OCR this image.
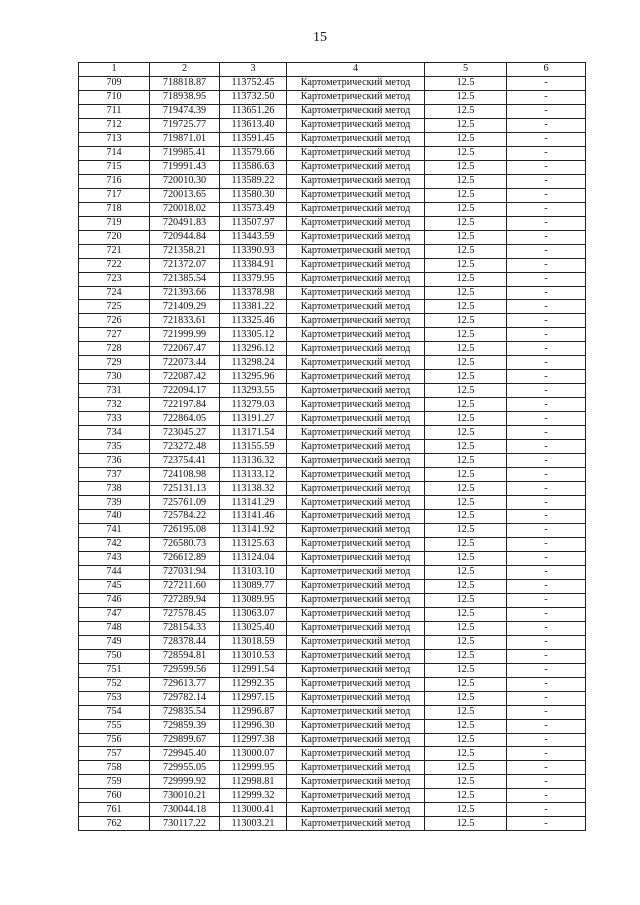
15
1	2	3	4	5	6
709	718818.87	113752.45	Картометрический метод	12.5	-
710	718938.95	113732.50	Картометрический метод	12.5	-
711	719474.39	113651.26	Картометрический метод	12.5	-
712	719725.77	113613.40	Картометрический метод	12.5	-
713	719871.01	113591.45	Картометрический метод	12.5	-
714	719985.41	113579.66	Картометрический метод	12.5	-
715	719991.43	113586.63	Картометрический метод	12.5	-
716	720010.30	113589.22	Картометрический метод	12.5	-
717	720013.65	113580.30	Картометрический метод	12.5	-
718	720018.02	113573.49	Картометрический метод	12.5	-
719	720491.83	113507.97	Картометрический метод	12.5	-
720	720944.84	113443.59	Картометрический метод	12.5	-
721	721358.21	113390.93	Картометрический метод	12.5	-
722	721372.07	113384.91	Картометрический метод	12.5	-
723	721385.54	113379.95	Картометрический метод	12.5	-
724	721393.66	113378.98	Картометрический метод	12.5	-
725	721409.29	113381.22	Картометрический метод	12.5	-
726	721833.61	113325.46	Картометрический метод	12.5	-
727	721999.99	113305.12	Картометрический метод	12.5	-
728	722067.47	113296.12	Картометрический метод	12.5	-
729	722073.44	113298.24	Картометрический метод	12.5	-
730	722087.42	113295.96	Картометрический метод	12.5	-
731	722094.17	113293.55	Картометрический метод	12.5	-
732	722197.84	113279.03	Картометрический метод	12.5	-
733	722864.05	113191.27	Картометрический метод	12.5	-
734	723045.27	113171.54	Картометрический метод	12.5	-
735	723272.48	113155.59	Картометрический метод	12.5	-
736	723754.41	113136.32	Картометрический метод	12.5	-
737	724108.98	113133.12	Картометрический метод	12.5	-
738	725131.13	113138.32	Картометрический метод	12.5	-
739	725761.09	113141.29	Картометрический метод	12.5	-
740	725784.22	113141.46	Картометрический метод	12.5	-
741	726195.08	113141.92	Картометрический метод	12.5	-
742	726580.73	113125.63	Картометрический метод	12.5	-
743	726612.89	113124.04	Картометрический метод	12.5	-
744	727031.94	113103.10	Картометрический метод	12.5	-
745	727211.60	113089.77	Картометрический метод	12.5	-
746	727289.94	113089.95	Картометрический метод	12.5	-
747	727578.45	113063.07	Картометрический метод	12.5	-
748	728154.33	113025.40	Картометрический метод	12.5	-
749	728378.44	113018.59	Картометрический метод	12.5	-
750	728594.81	113010.53	Картометрический метод	12.5	-
751	729599.56	112991.54	Картометрический метод	12.5	-
752	729613.77	112992.35	Картометрический метод	12.5	-
753	729782.14	112997.15	Картометрический метод	12.5	-
754	729835.54	112996.87	Картометрический метод	12.5	-
755	729859.39	112996.30	Картометрический метод	12.5	-
756	729899.67	112997.38	Картометрический метод	12.5	-
757	729945.40	113000.07	Картометрический метод	12.5	-
758	729955.05	112999.95	Картометрический метод	12.5	-
759	729999.92	112998.81	Картометрический метод	12.5	-
760	730010.21	112999.32	Картометрический метод	12.5	-
761	730044.18	113000.41	Картометрический метод	12.5	-
762	730117.22	113003.21	Картометрический метод	12.5	-
